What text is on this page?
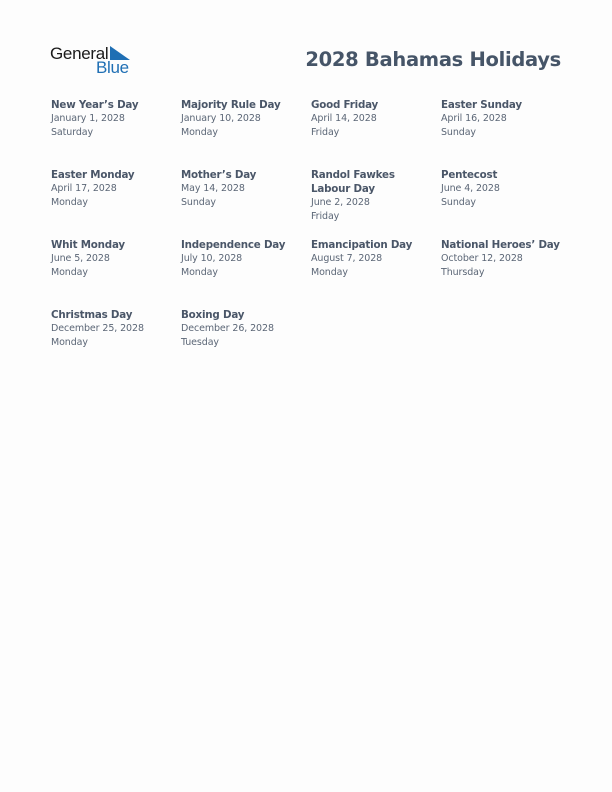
General
Blue	2028 Bahamas Holidays
New Year’s Day
January 1, 2028
Saturday
Majority Rule Day
January 10, 2028
Monday
Good Friday
April 14, 2028
Friday
Easter Sunday
April 16, 2028
Sunday
Easter Monday
April 17, 2028
Monday
Mother’s Day
May 14, 2028
Sunday
Randol Fawkes Labour Day
June 2, 2028
Friday
Pentecost
June 4, 2028
Sunday
Whit Monday
June 5, 2028
Monday
Independence Day
July 10, 2028
Monday
Emancipation Day
August 7, 2028
Monday
National Heroes’ Day
October 12, 2028
Thursday
Christmas Day
December 25, 2028
Monday
Boxing Day
December 26, 2028
Tuesday
